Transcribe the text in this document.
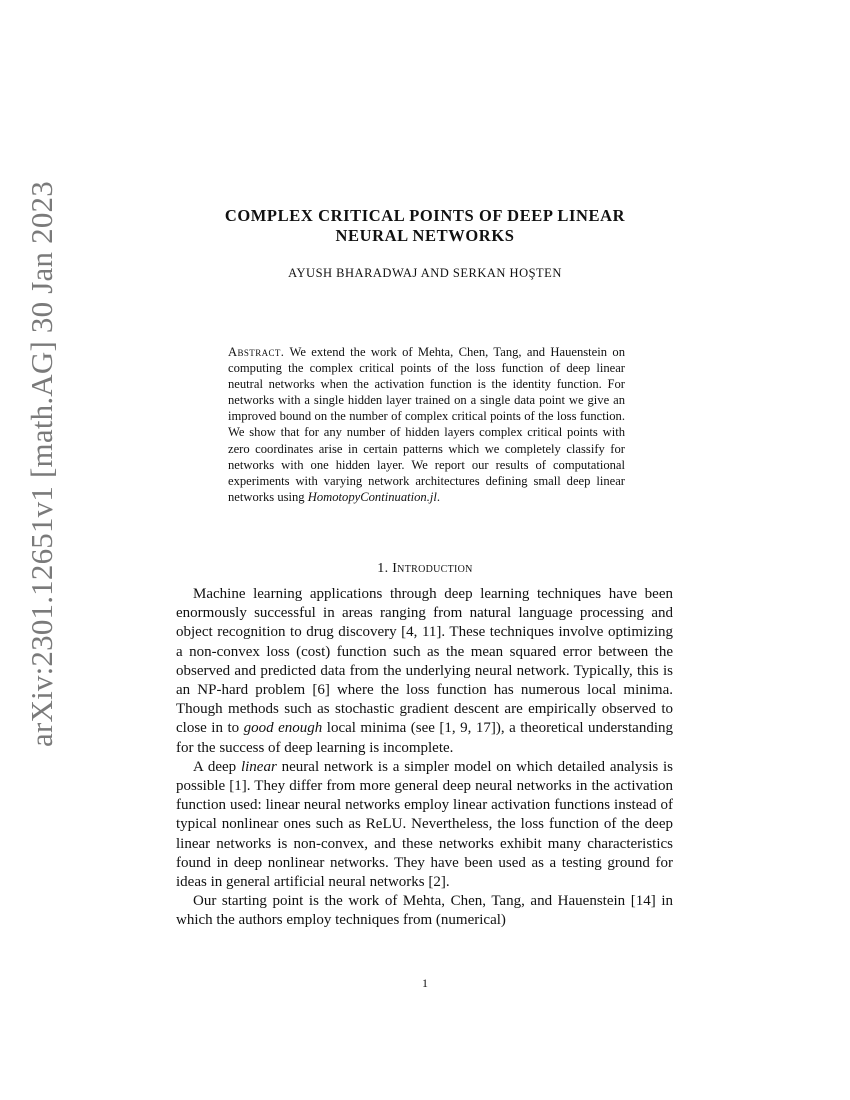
arXiv:2301.12651v1 [math.AG] 30 Jan 2023	COMPLEX CRITICAL POINTS OF DEEP LINEAR
NEURAL NETWORKS
AYUSH BHARADWAJ AND SERKAN HOŞTEN
Abstract. We extend the work of Mehta, Chen, Tang, and Hauenstein on computing the complex critical points of the loss function of deep linear neutral networks when the activation function is the identity function. For networks with a single hidden layer trained on a single data point we give an improved bound on the number of complex critical points of the loss function. We show that for any number of hidden layers complex critical points with zero coordinates arise in certain patterns which we completely classify for networks with one hidden layer. We report our results of computational experiments with varying network architectures defining small deep linear networks using HomotopyContinuation.jl.
1. Introduction

Machine learning applications through deep learning techniques have been enormously successful in areas ranging from natural language processing and object recognition to drug discovery [4, 11]. These techniques involve optimizing a non-convex loss (cost) function such as the mean squared error between the observed and predicted data from the underlying neural network. Typically, this is an NP-hard problem [6] where the loss function has numerous local minima. Though methods such as stochastic gradient descent are empirically observed to close in to good enough local minima (see [1, 9, 17]), a theoretical understanding for the success of deep learning is incomplete.

A deep linear neural network is a simpler model on which detailed analysis is possible [1]. They differ from more general deep neural networks in the activation function used: linear neural networks employ linear activation functions instead of typical nonlinear ones such as ReLU. Nevertheless, the loss function of the deep linear networks is non-convex, and these networks exhibit many characteristics found in deep nonlinear networks. They have been used as a testing ground for ideas in general artificial neural networks [2].

Our starting point is the work of Mehta, Chen, Tang, and Hauenstein [14] in which the authors employ techniques from (numerical)

1
